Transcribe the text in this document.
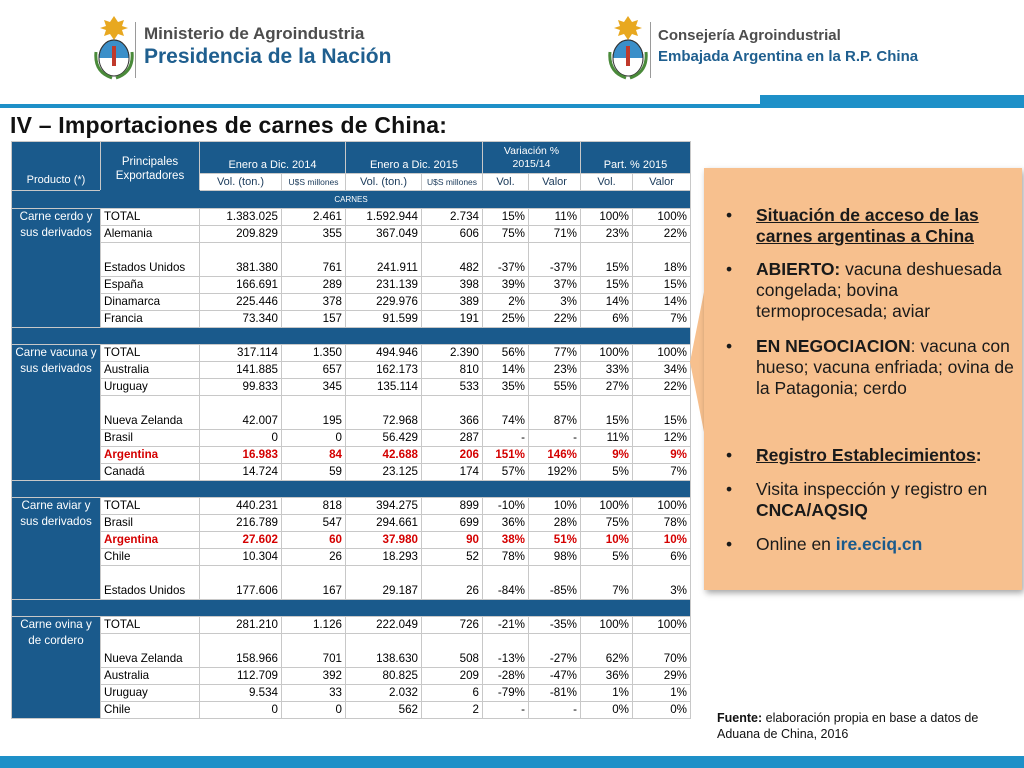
Ministerio de Agroindustria
Presidencia de la Nación
Consejería Agroindustrial
Embajada Argentina en la R.P. China
IV – Importaciones de carnes de China:
Producto (*)	Principales Exportadores	Enero a Dic. 2014		Enero a Dic. 2015		Variación % 2015/14		Part. % 2015	
		Vol. (ton.)	U$S millones	Vol. (ton.)	U$S millones	Vol.	Valor	Vol.	Valor
CARNES									
Carne cerdo y sus derivados	TOTAL	1.383.025	2.461	1.592.944	2.734	15%	11%	100%	100%
	Alemania	209.829	355	367.049	606	75%	71%	23%	22%
	Estados Unidos	381.380	761	241.911	482	-37%	-37%	15%	18%
	España	166.691	289	231.139	398	39%	37%	15%	15%
	Dinamarca	225.446	378	229.976	389	2%	3%	14%	14%
	Francia	73.340	157	91.599	191	25%	22%	6%	7%

Carne vacuna y sus derivados	TOTAL	317.114	1.350	494.946	2.390	56%	77%	100%	100%
	Australia	141.885	657	162.173	810	14%	23%	33%	34%
	Uruguay	99.833	345	135.114	533	35%	55%	27%	22%
	Nueva Zelanda	42.007	195	72.968	366	74%	87%	15%	15%
	Brasil	0	0	56.429	287	-	-	11%	12%
	Argentina	16.983	84	42.688	206	151%	146%	9%	9%
	Canadá	14.724	59	23.125	174	57%	192%	5%	7%

Carne aviar y sus derivados	TOTAL	440.231	818	394.275	899	-10%	10%	100%	100%
	Brasil	216.789	547	294.661	699	36%	28%	75%	78%
	Argentina	27.602	60	37.980	90	38%	51%	10%	10%
	Chile	10.304	26	18.293	52	78%	98%	5%	6%
	Estados Unidos	177.606	167	29.187	26	-84%	-85%	7%	3%

Carne ovina y de cordero	TOTAL	281.210	1.126	222.049	726	-21%	-35%	100%	100%
	Nueva Zelanda	158.966	701	138.630	508	-13%	-27%	62%	70%
	Australia	112.709	392	80.825	209	-28%	-47%	36%	29%
	Uruguay	9.534	33	2.032	6	-79%	-81%	1%	1%
	Chile	0	0	562	2	-	-	0%	0%
•	Situación de acceso de las carnes argentinas a China
•	ABIERTO: vacuna deshuesada congelada; bovina termoprocesada; aviar
•	EN NEGOCIACION: vacuna con hueso; vacuna enfriada; ovina de la Patagonia; cerdo
•	Registro Establecimientos:
•	Visita inspección y registro en CNCA/AQSIQ
•	Online en ire.eciq.cn
Fuente: elaboración propia en base a datos de Aduana de China, 2016
